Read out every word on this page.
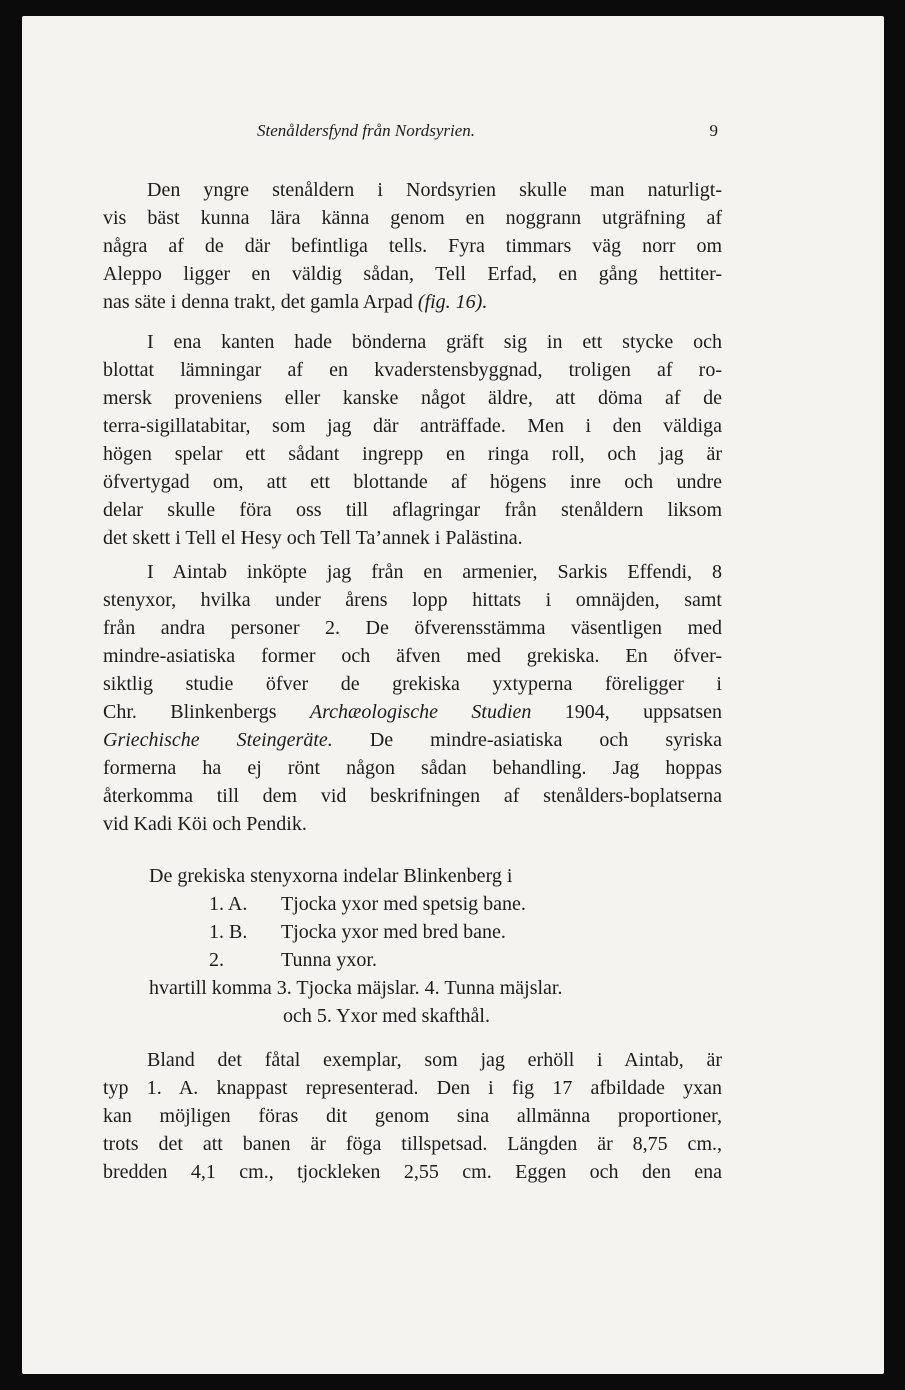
Stenåldersfynd från Nordsyrien.	9
Den yngre stenåldern i Nordsyrien skulle man naturligt-
vis bäst kunna lära känna genom en noggrann utgräfning af
några af de där befintliga tells. Fyra timmars väg norr om
Aleppo ligger en väldig sådan, Tell Erfad, en gång hettiter-
nas säte i denna trakt, det gamla Arpad (fig. 16).
I ena kanten hade bönderna gräft sig in ett stycke och
blottat lämningar af en kvaderstensbyggnad, troligen af ro-
mersk proveniens eller kanske något äldre, att döma af de
terra-sigillatabitar, som jag där anträffade. Men i den väldiga
högen spelar ett sådant ingrepp en ringa roll, och jag är
öfvertygad om, att ett blottande af högens inre och undre
delar skulle föra oss till aflagringar från stenåldern liksom
det skett i Tell el Hesy och Tell Ta’annek i Palästina.
I Aintab inköpte jag från en armenier, Sarkis Effendi, 8
stenyxor, hvilka under årens lopp hittats i omnäjden, samt
från andra personer 2. De öfverensstämma väsentligen med
mindre-asiatiska former och äfven med grekiska. En öfver-
siktlig studie öfver de grekiska yxtyperna föreligger i
Chr. Blinkenbergs Archæologische Studien 1904, uppsatsen
Griechische Steingeräte. De mindre-asiatiska och syriska
formerna ha ej rönt någon sådan behandling. Jag hoppas
återkomma till dem vid beskrifningen af stenålders-boplatserna
vid Kadi Köi och Pendik.
De grekiska stenyxorna indelar Blinkenberg i
1. A. Tjocka yxor med spetsig bane.
1. B. Tjocka yxor med bred bane.
2.	Tunna yxor.
hvartill komma 3. Tjocka mäjslar. 4. Tunna mäjslar.
och 5. Yxor med skafthål.
Bland det fåtal exemplar, som jag erhöll i Aintab, är
typ 1. A. knappast representerad. Den i fig 17 afbildade yxan
kan möjligen föras dit genom sina allmänna proportioner,
trots det att banen är föga tillspetsad. Längden är 8,75 cm.,
bredden 4,1 cm., tjockleken 2,55 cm. Eggen och den ena
